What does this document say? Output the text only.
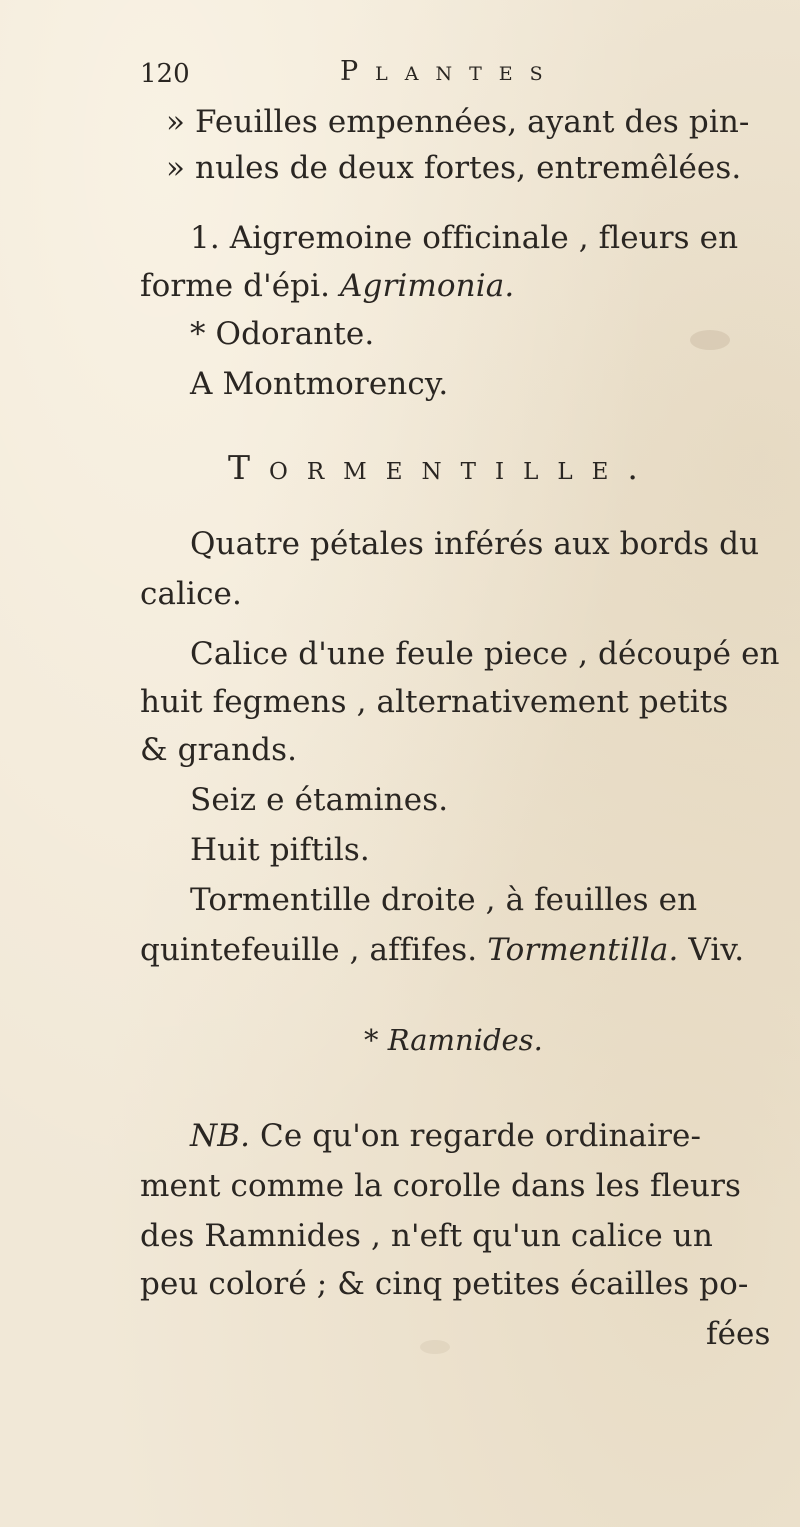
120	Plantes
» Feuilles empennées, ayant des pin-
» nules de deux fortes, entremêlées.
1. Aigremoine officinale , fleurs en
forme d'épi. Agrimonia.
* Odorante.
A Montmorency.
Tormentille.
Quatre pétales inférés aux bords du
calice.
Calice d'une feule piece , découpé en
huit fegmens , alternativement petits
& grands.
Seiz e étamines.
Huit piftils.
Tormentille droite , à feuilles en
quintefeuille , affifes. Tormentilla. Viv.
* Ramnides.
NB. Ce qu'on regarde ordinaire-
ment comme la corolle dans les fleurs
des Ramnides , n'eft qu'un calice un
peu coloré ; & cinq petites écailles po-
fées
